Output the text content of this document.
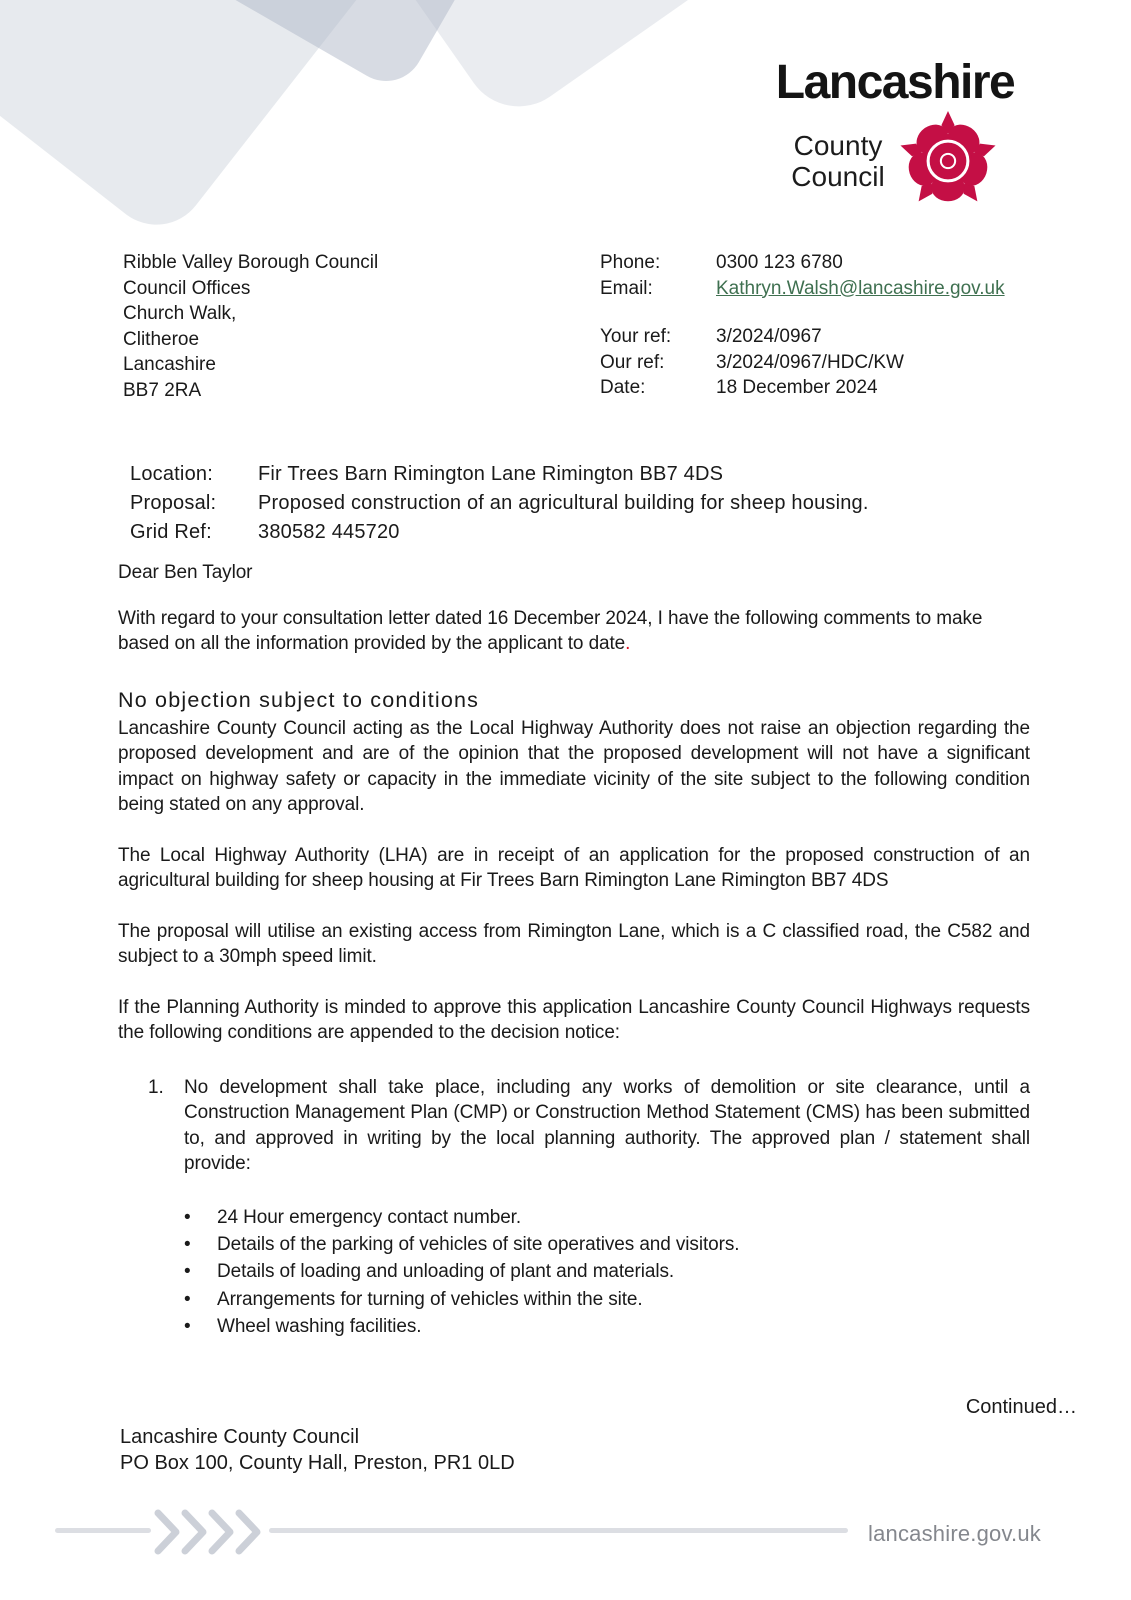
Lancashire
County
Council
Ribble Valley Borough Council
Council Offices
Church Walk,
Clitheroe
Lancashire
BB7 2RA
Phone:	0300 123 6780
Email:	Kathryn.Walsh@lancashire.gov.uk
Your ref:	3/2024/0967
Our ref:	3/2024/0967/HDC/KW
Date:	18 December 2024
Location:	Fir Trees Barn Rimington Lane Rimington BB7 4DS
Proposal:	Proposed construction of an agricultural building for sheep housing.
Grid Ref:	380582 445720

Dear Ben Taylor

With regard to your consultation letter dated 16 December 2024, I have the following comments to make based on all the information provided by the applicant to date.

No objection subject to conditions

Lancashire County Council acting as the Local Highway Authority does not raise an objection regarding the proposed development and are of the opinion that the proposed development will not have a significant impact on highway safety or capacity in the immediate vicinity of the site subject to the following condition being stated on any approval.

The Local Highway Authority (LHA) are in receipt of an application for the proposed construction of an agricultural building for sheep housing at Fir Trees Barn Rimington Lane Rimington BB7 4DS

The proposal will utilise an existing access from Rimington Lane, which is a C classified road, the C582 and subject to a 30mph speed limit.

If the Planning Authority is minded to approve this application Lancashire County Council Highways requests the following conditions are appended to the decision notice:

1.	No development shall take place, including any works of demolition or site clearance, until a Construction Management Plan (CMP) or Construction Method Statement (CMS) has been submitted to, and approved in writing by the local planning authority. The approved plan / statement shall provide:
•	24 Hour emergency contact number.
•	Details of the parking of vehicles of site operatives and visitors.
•	Details of loading and unloading of plant and materials.
•	Arrangements for turning of vehicles within the site.
•	Wheel washing facilities.
Continued…
Lancashire County Council
PO Box 100, County Hall, Preston, PR1 0LD
lancashire.gov.uk
